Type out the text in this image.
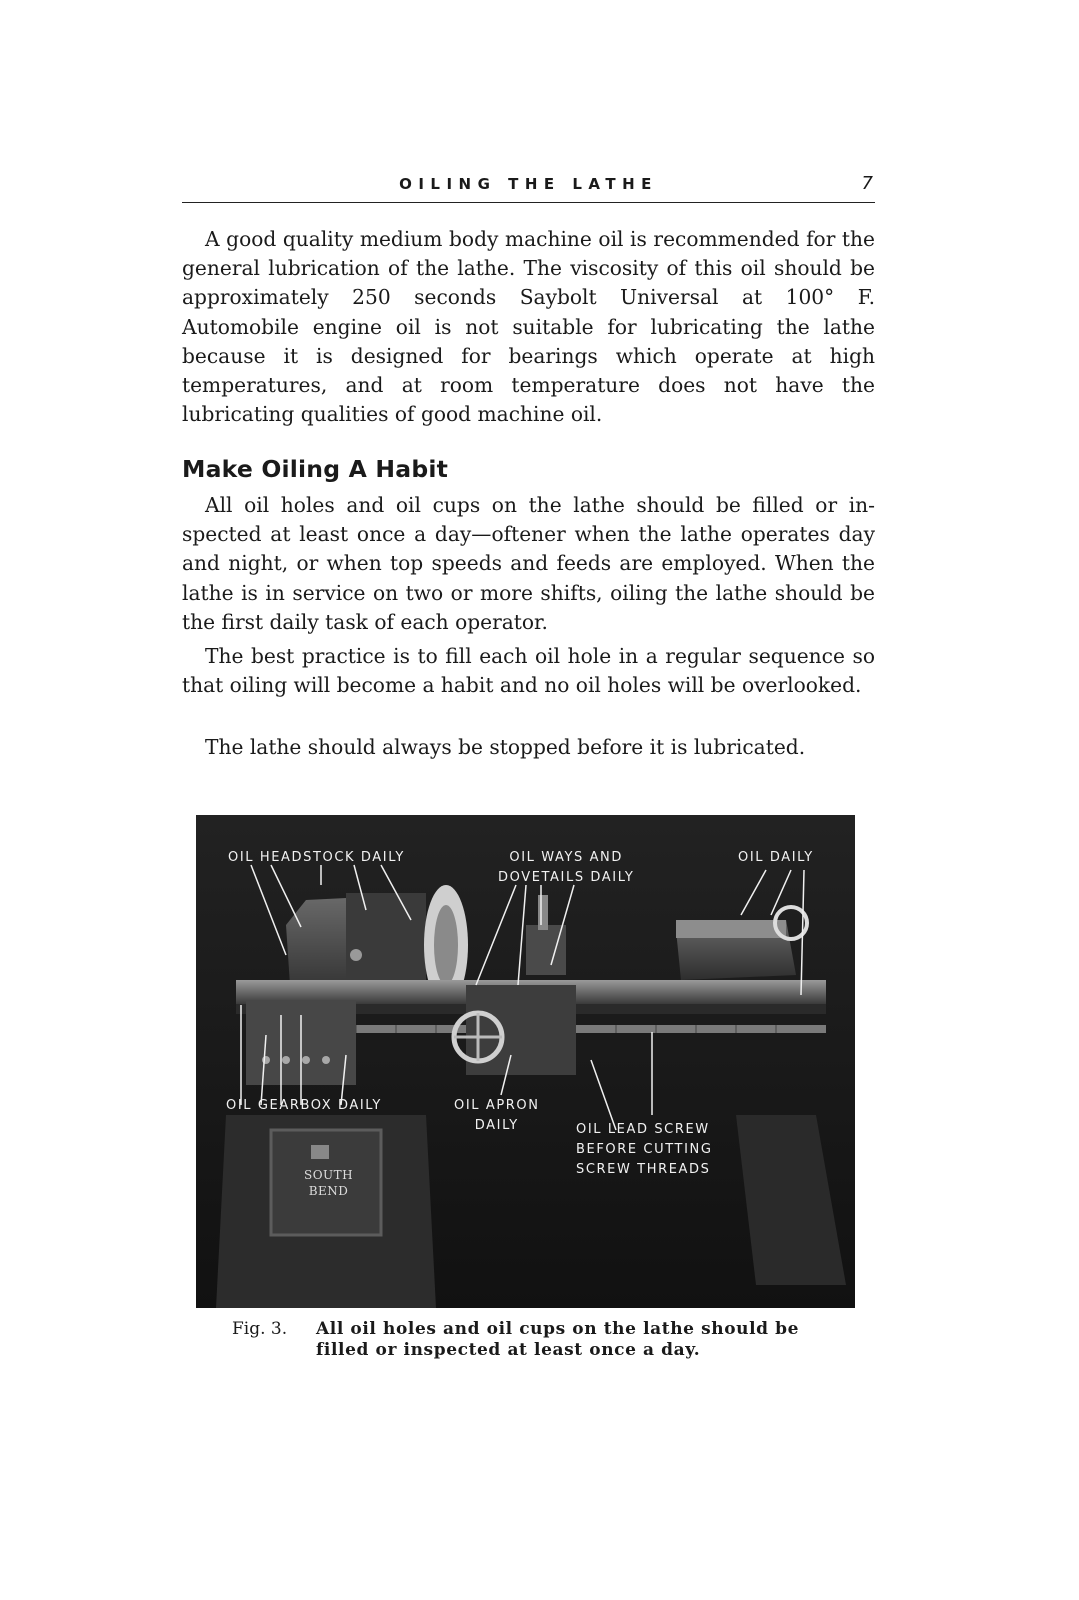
OILING THE LATHE	7

A good quality medium body machine oil is recommended for the general lubrication of the lathe. The viscosity of this oil should be approximately 250 seconds Saybolt Universal at 100° F. Automobile engine oil is not suitable for lubricating the lathe because it is designed for bearings which operate at high temperatures, and at room temperature does not have the lubricating qualities of good machine oil.

Make Oiling A Habit

All oil holes and oil cups on the lathe should be filled or in- spected at least once a day—oftener when the lathe operates day and night, or when top speeds and feeds are employed. When the lathe is in service on two or more shifts, oiling the lathe should be the first daily task of each operator.

The best practice is to fill each oil hole in a regular sequence so that oiling will become a habit and no oil holes will be overlooked.

The lathe should always be stopped before it is lubricated.

OIL HEADSTOCK DAILY	OIL WAYS AND
DOVETAILS DAILY
OIL DAILY
OIL GEARBOX DAILY	OIL APRON
DAILY	OIL LEAD SCREW
BEFORE CUTTING
SCREW THREADS
SOUTH
BEND
Fig. 3. All oil holes and oil cups on the lathe should be
filled or inspected at least once a day.
